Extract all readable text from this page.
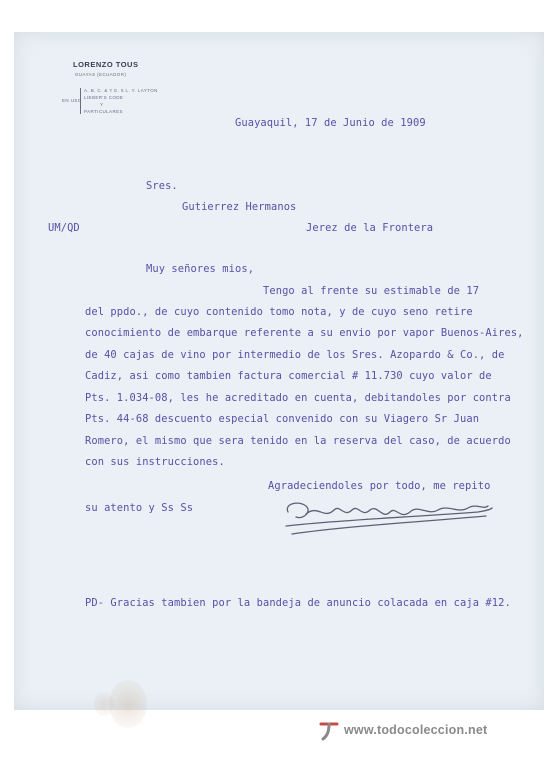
LORENZO TOUS
GUAYAS (ECUADOR)
EN USO
A. B. C. & Y E. 5 L. Y. LAYTON
LIEBER'S CODE
Y
PARTICULARES
Guayaquil, 17 de Junio de 1909
Sres.
Gutierrez Hermanos
UM/QD	Jerez de la Frontera
Muy señores mios,
Tengo al frente su estimable de 17
del ppdo., de cuyo contenido tomo nota, y de cuyo seno retire
conocimiento de embarque referente a su envio por vapor Buenos-Aires,
de 40 cajas de vino por intermedio de los Sres. Azopardo & Co., de
Cadiz, asi como tambien factura comercial # 11.730 cuyo valor de
Pts. 1.034-08, les he acreditado en cuenta, debitandoles por contra
Pts. 44-68 descuento especial convenido con su Viagero Sr Juan
Romero, el mismo que sera tenido en la reserva del caso, de acuerdo
con sus instrucciones.
Agradeciendoles por todo, me repito
su atento y Ss Ss
PD- Gracias tambien por la bandeja de anuncio colacada en caja #12.
www.todocoleccion.net
